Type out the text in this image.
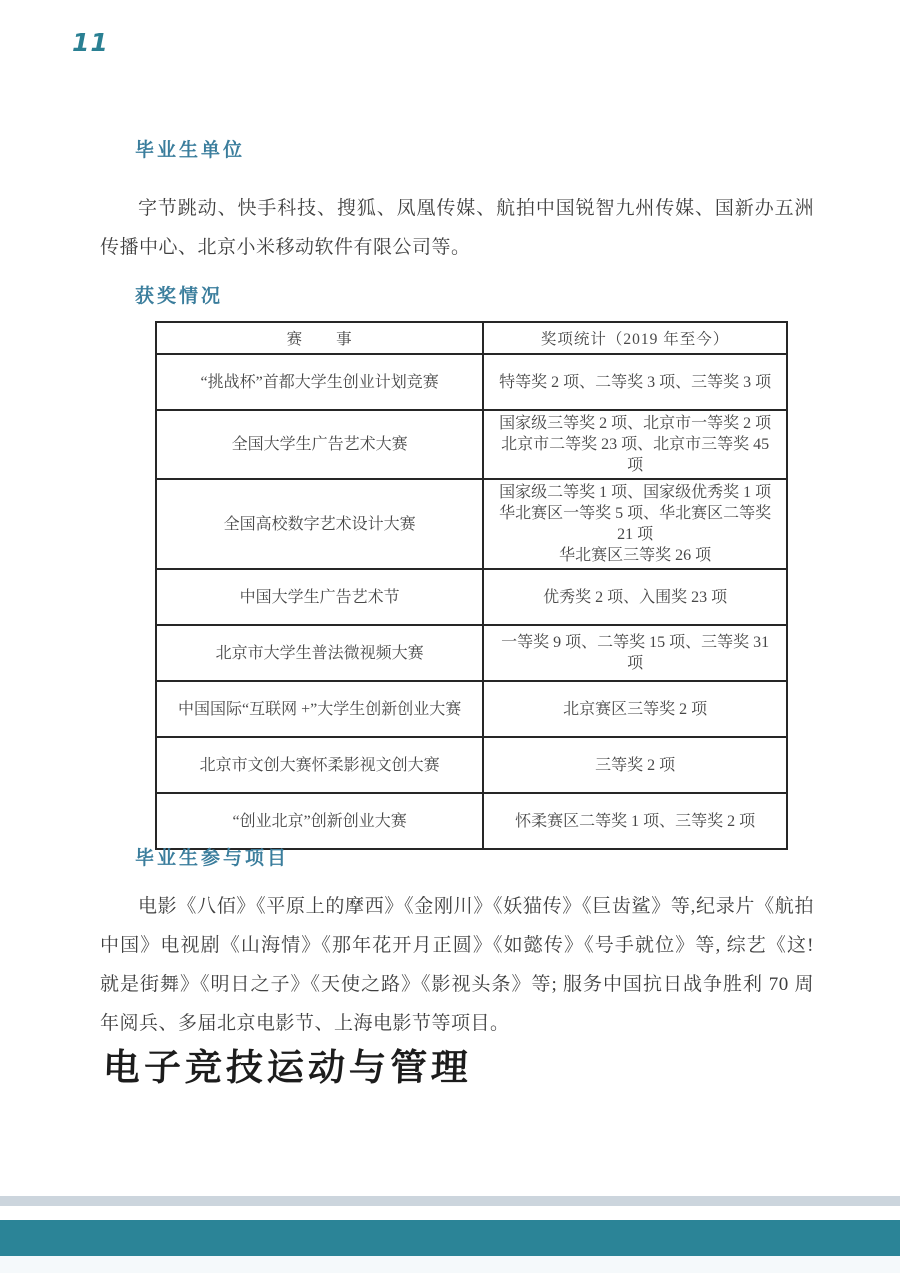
11
毕业生单位

字节跳动、快手科技、搜狐、凤凰传媒、航拍中国锐智九州传媒、国新办五洲传播中心、北京小米移动软件有限公司等。

获奖情况
赛　　事	奖项统计（2019 年至今）
“挑战杯”首都大学生创业计划竞赛	特等奖 2 项、二等奖 3 项、三等奖 3 项

全国大学生广告艺术大赛	国家级三等奖 2 项、北京市一等奖 2 项
北京市二等奖 23 项、北京市三等奖 45 项

全国高校数字艺术设计大赛	国家级二等奖 1 项、国家级优秀奖 1 项
华北赛区一等奖 5 项、华北赛区二等奖 21 项
华北赛区三等奖 26 项

中国大学生广告艺术节	优秀奖 2 项、入围奖 23 项

北京市大学生普法微视频大赛	一等奖 9 项、二等奖 15 项、三等奖 31 项

中国国际“互联网 +”大学生创新创业大赛	北京赛区三等奖 2 项

北京市文创大赛怀柔影视文创大赛	三等奖 2 项

“创业北京”创新创业大赛	怀柔赛区二等奖 1 项、三等奖 2 项
毕业生参与项目

电影《八佰》《平原上的摩西》《金刚川》《妖猫传》《巨齿鲨》等,纪录片《航拍中国》电视剧《山海情》《那年花开月正圆》《如懿传》《号手就位》等, 综艺《这! 就是街舞》《明日之子》《天使之路》《影视头条》等; 服务中国抗日战争胜利 70 周年阅兵、多届北京电影节、上海电影节等项目。

电子竞技运动与管理
